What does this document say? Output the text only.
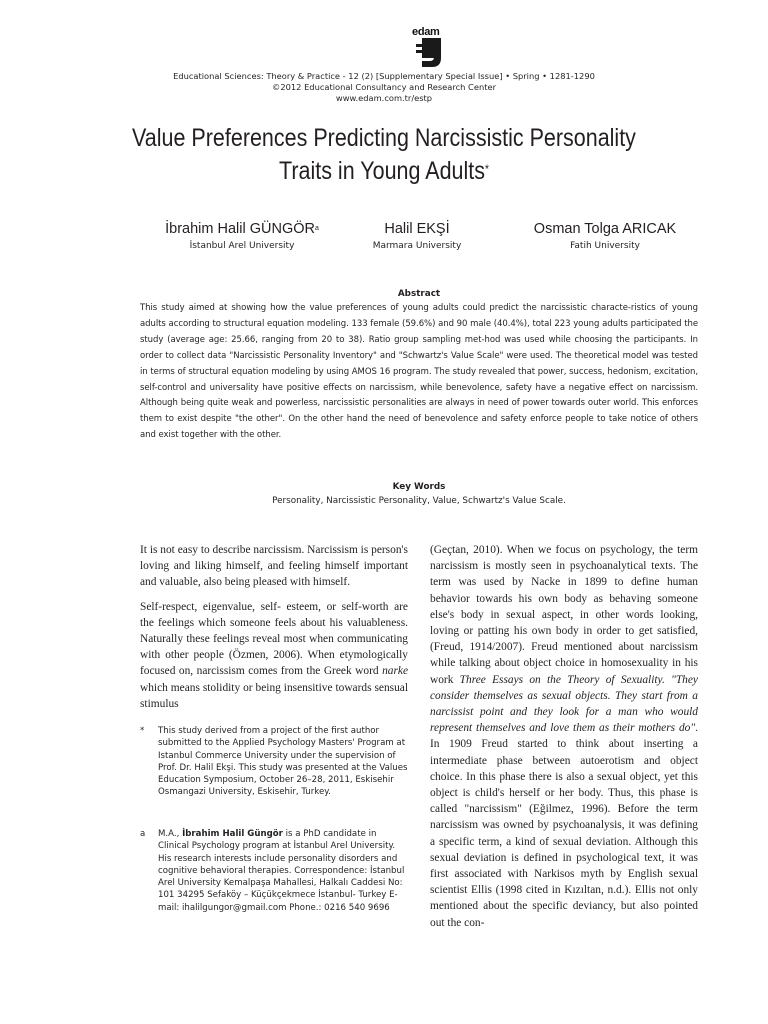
edam
Educational Sciences: Theory & Practice - 12 (2) [Supplementary Special Issue] • Spring • 1281-1290
©2012 Educational Consultancy and Research Center
www.edam.com.tr/estp
Value Preferences Predicting Narcissistic Personality
Traits in Young Adults*
İbrahim Halil GÜNGÖR$^a$
İstanbul Arel University
Halil EKŞİ
Marmara University
Osman Tolga ARICAK
Fatih University
Abstract
This study aimed at showing how the value preferences of young adults could predict the narcissistic characte-ristics of young adults according to structural equation modeling. 133 female (59.6%) and 90 male (40.4%), total 223 young adults participated the study (average age: 25.66, ranging from 20 to 38). Ratio group sampling met-hod was used while choosing the participants. In order to collect data "Narcissistic Personality Inventory" and "Schwartz's Value Scale" were used. The theoretical model was tested in terms of structural equation modeling by using AMOS 16 program. The study revealed that power, success, hedonism, excitation, self-control and universality have positive effects on narcissism, while benevolence, safety have a negative effect on narcissism. Although being quite weak and powerless, narcissistic personalities are always in need of power towards outer world. This enforces them to exist despite "the other". On the other hand the need of benevolence and safety enforce people to take notice of others and exist together with the other.
Key Words
Personality, Narcissistic Personality, Value, Schwartz's Value Scale.

It is not easy to describe narcissism. Narcissism is person's loving and liking himself, and feeling himself important and valuable, also being pleased with himself.

Self-respect, eigenvalue, self- esteem, or self-worth are the feelings which someone feels about his valuableness. Naturally these feelings reveal most when communicating with other people (Özmen, 2006). When etymologically focused on, narcissism comes from the Greek word narke which means stolidity or being insensitive towards sensual stimulus

* This study derived from a project of the first author submitted to the Applied Psychology Masters' Program at Istanbul Commerce University under the supervision of Prof. Dr. Halil Ekşi. This study was presented at the Values Education Symposium, October 26–28, 2011, Eskisehir Osmangazi University, Eskisehir, Turkey.
a M.A., İbrahim Halil Güngör is a PhD candidate in Clinical Psychology program at İstanbul Arel University. His research interests include personality disorders and cognitive behavioral therapies. Correspondence: İstanbul Arel University Kemalpaşa Mahallesi, Halkalı Caddesi No: 101 34295 Sefaköy – Küçükçekmece İstanbul- Turkey E-mail: ihalilgungor@gmail.com Phone.: 0216 540 9696

(Geçtan, 2010). When we focus on psychology, the term narcissism is mostly seen in psychoanalytical texts. The term was used by Nacke in 1899 to define human behavior towards his own body as behaving someone else's body in sexual aspect, in other words looking, loving or patting his own body in order to get satisfied, (Freud, 1914/2007). Freud mentioned about narcissism while talking about object choice in homosexuality in his work Three Essays on the Theory of Sexuality. "They consider themselves as sexual objects. They start from a narcissist point and they look for a man who would represent themselves and love them as their mothers do". In 1909 Freud started to think about inserting a intermediate phase between autoerotism and object choice. In this phase there is also a sexual object, yet this object is child's herself or her body. Thus, this phase is called "narcissism" (Eğilmez, 1996). Before the term narcissism was owned by psychoanalysis, it was defining a specific term, a kind of sexual deviation. Although this sexual deviation is defined in psychological text, it was first associated with Narkisos myth by English sexual scientist Ellis (1998 cited in Kızıltan, n.d.). Ellis not only mentioned about the specific deviancy, but also pointed out the con-
